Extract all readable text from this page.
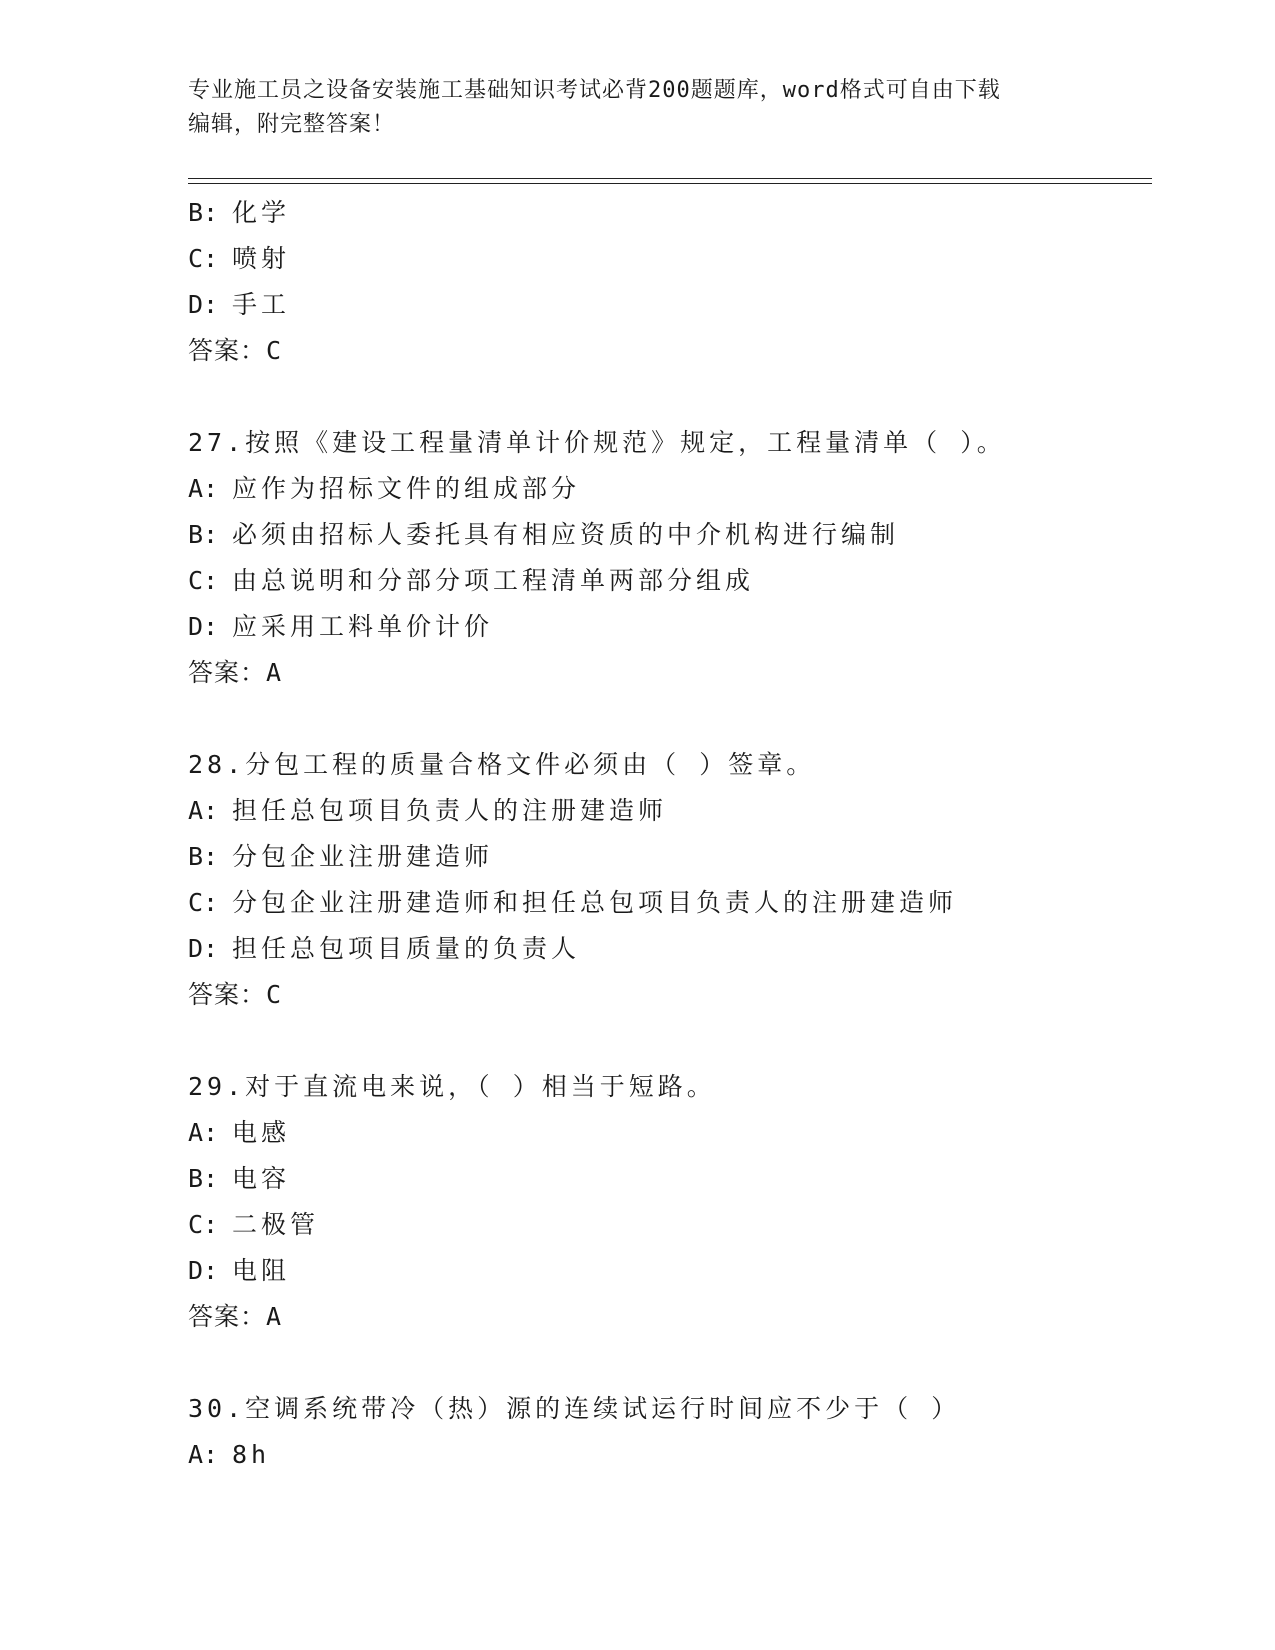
专业施工员之设备安装施工基础知识考试必背200题题库，word格式可自由下载
编辑，附完整答案！
B: 化学
C: 喷射
D: 手工
答案：C
27.按照《建设工程量清单计价规范》规定，工程量清单（ ）。
A: 应作为招标文件的组成部分
B: 必须由招标人委托具有相应资质的中介机构进行编制
C: 由总说明和分部分项工程清单两部分组成
D: 应采用工料单价计价
答案：A
28.分包工程的质量合格文件必须由（ ）签章。
A: 担任总包项目负责人的注册建造师
B: 分包企业注册建造师
C: 分包企业注册建造师和担任总包项目负责人的注册建造师
D: 担任总包项目质量的负责人
答案：C
29.对于直流电来说，（ ）相当于短路。
A: 电感
B: 电容
C: 二极管
D: 电阻
答案：A
30.空调系统带冷（热）源的连续试运行时间应不少于（ ）
A: 8h
